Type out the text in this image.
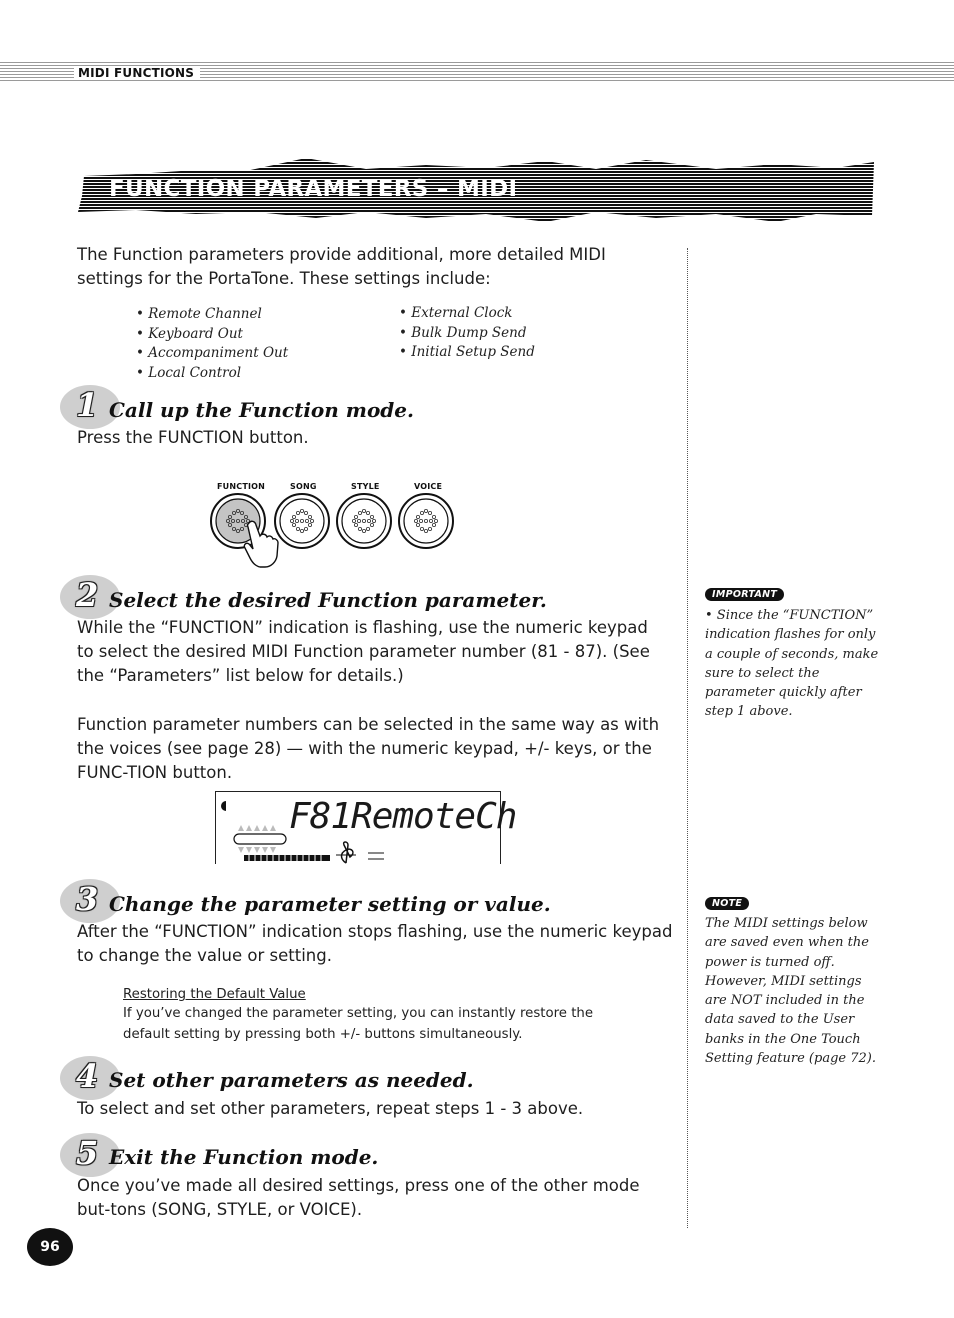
MIDI FUNCTIONS
FUNCTION PARAMETERS – MIDI
The Function parameters provide additional, more detailed MIDI settings for the PortaTone. These settings include:
• Remote Channel
• Keyboard Out
• Accompaniment Out
• Local Control
• External Clock
• Bulk Dump Send
• Initial Setup Send
1 Call up the Function mode.
Press the FUNCTION button.
FUNCTION	SONG	STYLE	VOICE
2 Select the desired Function parameter.
While the “FUNCTION” indication is flashing, use the numeric keypad to select the desired MIDI Function parameter number (81 - 87). (See the “Parameters” list below for details.)
Function parameter numbers can be selected in the same way as with the voices (see page 28) — with the numeric keypad, +/- keys, or the FUNC-TION button.
F81RemoteCh
3 Change the parameter setting or value.
After the “FUNCTION” indication stops flashing, use the numeric keypad to change the value or setting.
Restoring the Default Value
If you’ve changed the parameter setting, you can instantly restore the default setting by pressing both +/- buttons simultaneously.
4 Set other parameters as needed.
To select and set other parameters, repeat steps 1 - 3 above.
5 Exit the Function mode.
Once you’ve made all desired settings, press one of the other mode but-tons (SONG, STYLE, or VOICE).
IMPORTANT
• Since the “FUNCTION” indication flashes for only a couple of seconds, make sure to select the parameter quickly after step 1 above.
NOTE
The MIDI settings below are saved even when the power is turned off. However, MIDI settings are NOT included in the data saved to the User banks in the One Touch Setting feature (page 72).
96
